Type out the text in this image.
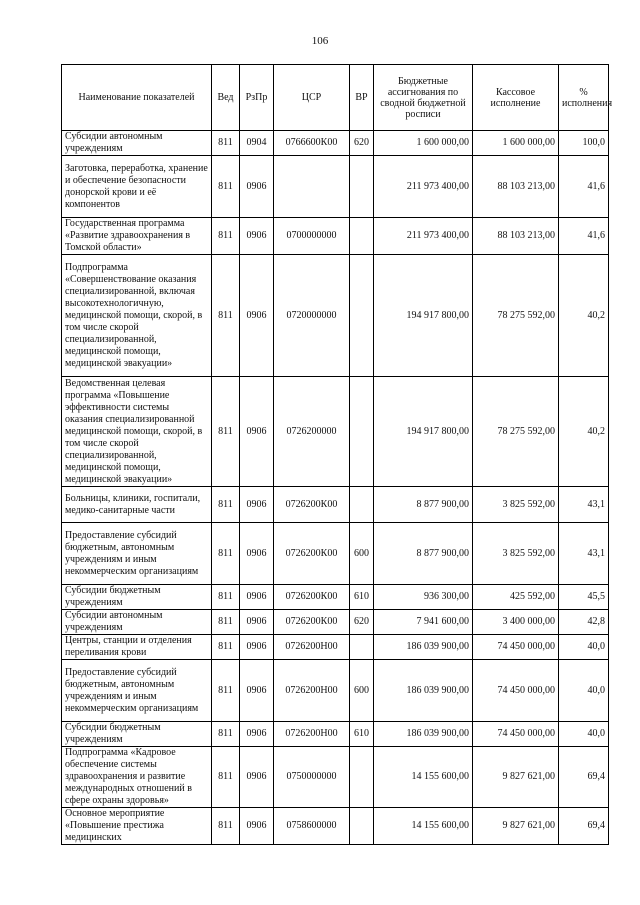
106
Наименование показателей	Вед	РзПр	ЦСР	ВР	Бюджетные ассигнования по сводной бюджетной росписи	Кассовое исполнение	% исполнения
Субсидии автономным учреждениям	811	0904	0766600К00	620	1 600 000,00	1 600 000,00	100,0
Заготовка, переработка, хранение и обеспечение безопасности донорской крови и её компонентов	811	0906			211 973 400,00	88 103 213,00	41,6
Государственная программа «Развитие здравоохранения в Томской области»	811	0906	0700000000		211 973 400,00	88 103 213,00	41,6
Подпрограмма «Совершенствование оказания специализированной, включая высокотехнологичную, медицинской помощи, скорой, в том числе скорой специализированной, медицинской помощи, медицинской эвакуации»	811	0906	0720000000		194 917 800,00	78 275 592,00	40,2
Ведомственная целевая программа «Повышение эффективности системы оказания специализированной медицинской помощи, скорой, в том числе скорой специализированной, медицинской помощи, медицинской эвакуации»	811	0906	0726200000		194 917 800,00	78 275 592,00	40,2
Больницы, клиники, госпитали, медико-санитарные части	811	0906	0726200К00		8 877 900,00	3 825 592,00	43,1
Предоставление субсидий бюджетным, автономным учреждениям и иным некоммерческим организациям	811	0906	0726200К00	600	8 877 900,00	3 825 592,00	43,1
Субсидии бюджетным учреждениям	811	0906	0726200К00	610	936 300,00	425 592,00	45,5
Субсидии автономным учреждениям	811	0906	0726200К00	620	7 941 600,00	3 400 000,00	42,8
Центры, станции и отделения переливания крови	811	0906	0726200Н00		186 039 900,00	74 450 000,00	40,0
Предоставление субсидий бюджетным, автономным учреждениям и иным некоммерческим организациям	811	0906	0726200Н00	600	186 039 900,00	74 450 000,00	40,0
Субсидии бюджетным учреждениям	811	0906	0726200Н00	610	186 039 900,00	74 450 000,00	40,0
Подпрограмма «Кадровое обеспечение системы здравоохранения и развитие международных отношений в сфере охраны здоровья»	811	0906	0750000000		14 155 600,00	9 827 621,00	69,4
Основное мероприятие «Повышение престижа медицинских	811	0906	0758600000		14 155 600,00	9 827 621,00	69,4
